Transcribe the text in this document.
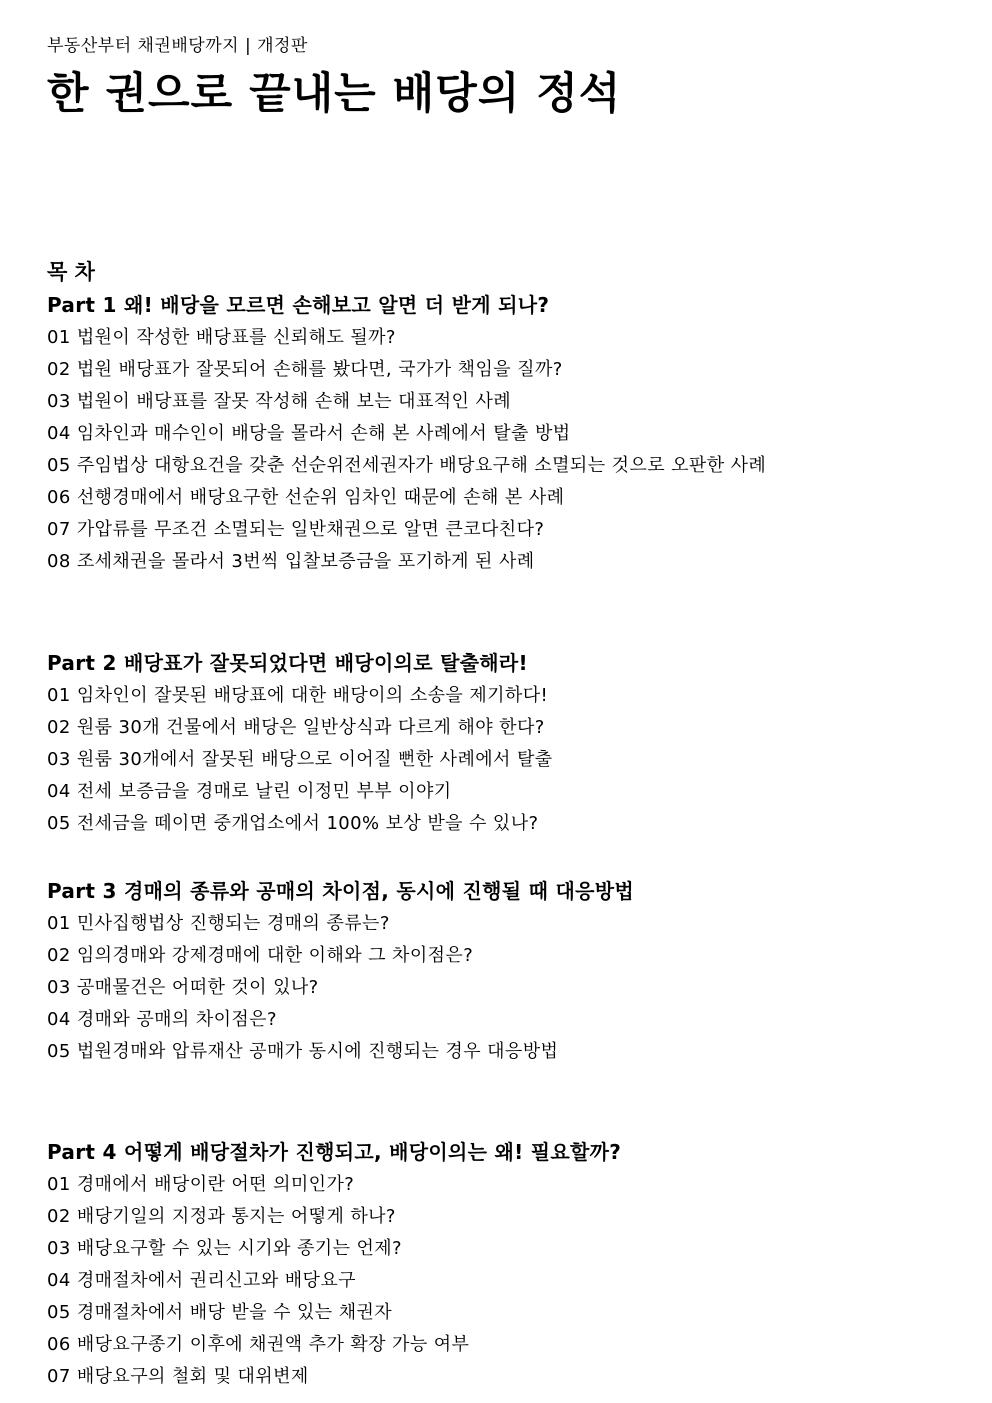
부동산부터 채권배당까지 | 개정판
한 권으로 끝내는 배당의 정석
목 차
Part 1 왜! 배당을 모르면 손해보고 알면 더 받게 되나?
01 법원이 작성한 배당표를 신뢰해도 될까?
02 법원 배당표가 잘못되어 손해를 봤다면, 국가가 책임을 질까?
03 법원이 배당표를 잘못 작성해 손해 보는 대표적인 사례
04 임차인과 매수인이 배당을 몰라서 손해 본 사례에서 탈출 방법
05 주임법상 대항요건을 갖춘 선순위전세권자가 배당요구해 소멸되는 것으로 오판한 사례
06 선행경매에서 배당요구한 선순위 임차인 때문에 손해 본 사례
07 가압류를 무조건 소멸되는 일반채권으로 알면 큰코다친다?
08 조세채권을 몰라서 3번씩 입찰보증금을 포기하게 된 사례
Part 2 배당표가 잘못되었다면 배당이의로 탈출해라!
01 임차인이 잘못된 배당표에 대한 배당이의 소송을 제기하다!
02 원룸 30개 건물에서 배당은 일반상식과 다르게 해야 한다?
03 원룸 30개에서 잘못된 배당으로 이어질 뻔한 사례에서 탈출
04 전세 보증금을 경매로 날린 이정민 부부 이야기
05 전세금을 떼이면 중개업소에서 100% 보상 받을 수 있나?
Part 3 경매의 종류와 공매의 차이점, 동시에 진행될 때 대응방법
01 민사집행법상 진행되는 경매의 종류는?
02 임의경매와 강제경매에 대한 이해와 그 차이점은?
03 공매물건은 어떠한 것이 있나?
04 경매와 공매의 차이점은?
05 법원경매와 압류재산 공매가 동시에 진행되는 경우 대응방법
Part 4 어떻게 배당절차가 진행되고, 배당이의는 왜! 필요할까?
01 경매에서 배당이란 어떤 의미인가?
02 배당기일의 지정과 통지는 어떻게 하나?
03 배당요구할 수 있는 시기와 종기는 언제?
04 경매절차에서 권리신고와 배당요구
05 경매절차에서 배당 받을 수 있는 채권자
06 배당요구종기 이후에 채권액 추가 확장 가능 여부
07 배당요구의 철회 및 대위변제
